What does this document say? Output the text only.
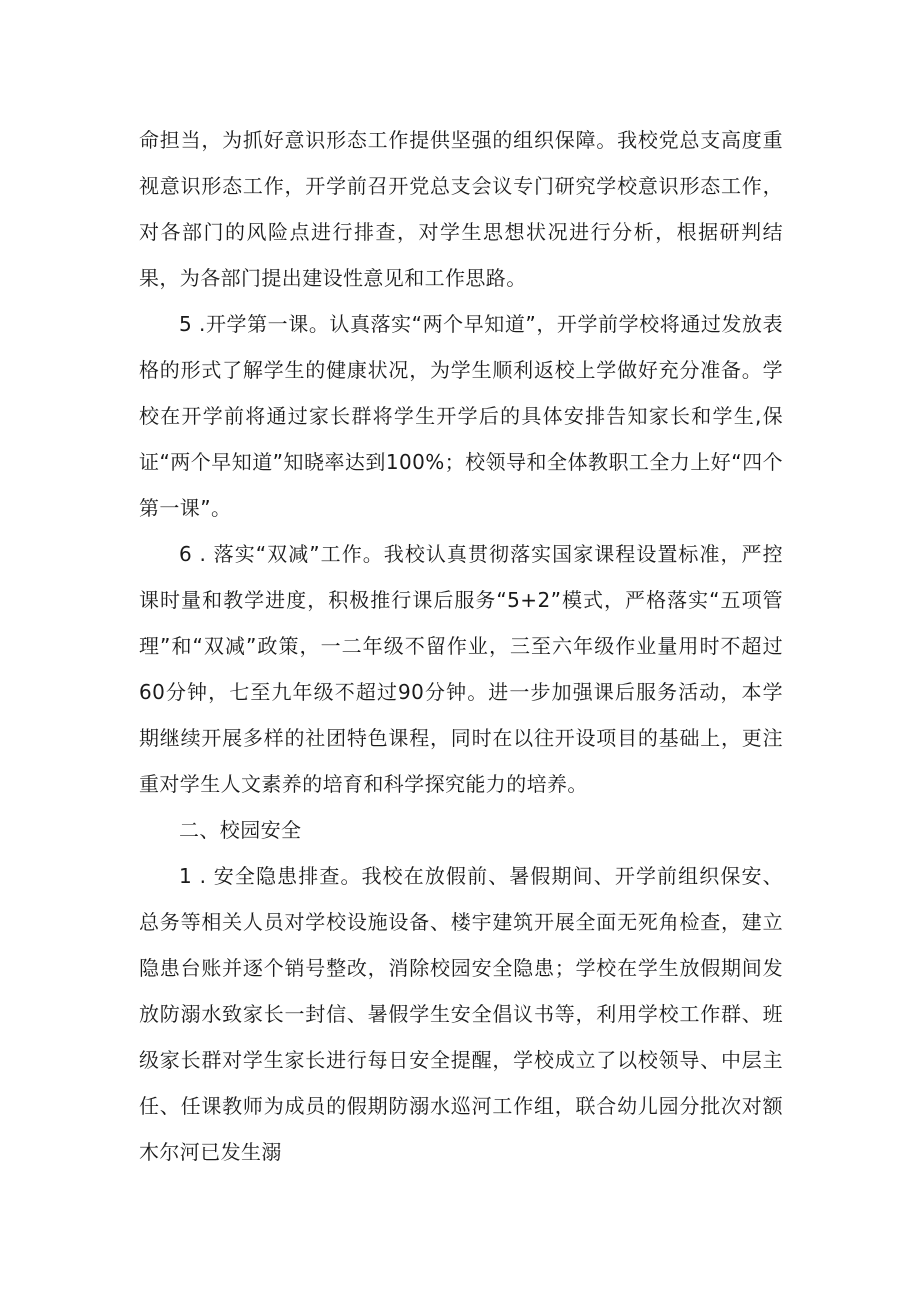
命担当，为抓好意识形态工作提供坚强的组织保障。我校党总支高度重视意识形态工作，开学前召开党总支会议专门研究学校意识形态工作，对各部门的风险点进行排查，对学生思想状况进行分析，根据研判结果，为各部门提出建设性意见和工作思路。

5 .开学第一课。认真落实“两个早知道”，开学前学校将通过发放表格的形式了解学生的健康状况，为学生顺利返校上学做好充分准备。学校在开学前将通过家长群将学生开学后的具体安排告知家长和学生,保证“两个早知道”知晓率达到100%；校领导和全体教职工全力上好“四个第一课”。

6 . 落实“双减”工作。我校认真贯彻落实国家课程设置标准，严控课时量和教学进度，积极推行课后服务“5+2”模式，严格落实“五项管理”和“双减”政策，一二年级不留作业，三至六年级作业量用时不超过60分钟，七至九年级不超过90分钟。进一步加强课后服务活动，本学期继续开展多样的社团特色课程，同时在以往开设项目的基础上，更注重对学生人文素养的培育和科学探究能力的培养。

二、校园安全

1 . 安全隐患排查。我校在放假前、暑假期间、开学前组织保安、总务等相关人员对学校设施设备、楼宇建筑开展全面无死角检查，建立隐患台账并逐个销号整改，消除校园安全隐患；学校在学生放假期间发放防溺水致家长一封信、暑假学生安全倡议书等，利用学校工作群、班级家长群对学生家长进行每日安全提醒，学校成立了以校领导、中层主任、任课教师为成员的假期防溺水巡河工作组，联合幼儿园分批次对额木尔河已发生溺
